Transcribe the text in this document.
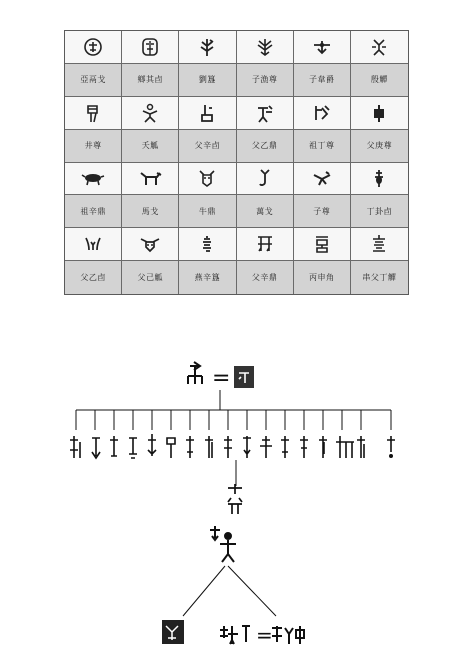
亞鬲戈	鄉其卣	劉簋	子漁尊	子韋爵	殷觶
井尊	夭觚	父辛卣	父乙鼎	祖丁尊	父庚尊
祖辛鼎	馬戈	牛鼎	萬戈	子尊	丁卦卣
父乙卣	父己觚	燕辛簋	父辛鼎	丙申角	串父丁觶
=
=
